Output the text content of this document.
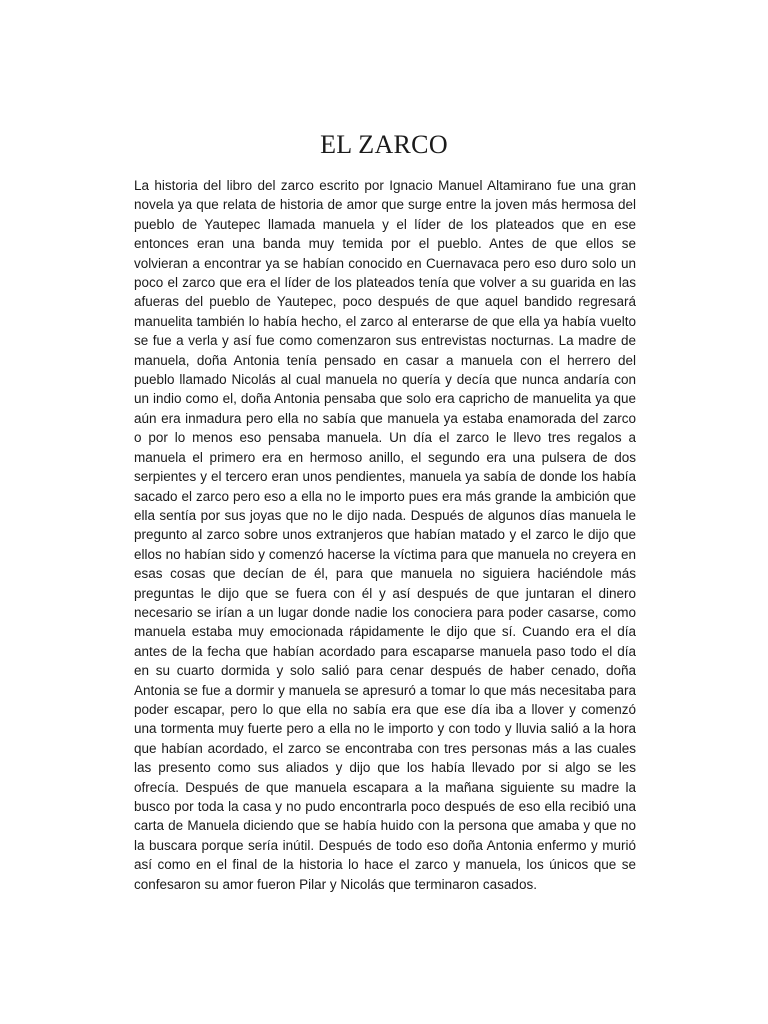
EL ZARCO

La historia del libro del zarco escrito por Ignacio Manuel Altamirano fue una gran novela ya que relata de historia de amor que surge entre la joven más hermosa del pueblo de Yautepec llamada manuela y el líder de los plateados que en ese entonces eran una banda muy temida por el pueblo. Antes de que ellos se volvieran a encontrar ya se habían conocido en Cuernavaca pero eso duro solo un poco el zarco que era el líder de los plateados tenía que volver a su guarida en las afueras del pueblo de Yautepec, poco después de que aquel bandido regresará manuelita también lo había hecho, el zarco al enterarse de que ella ya había vuelto se fue a verla y así fue como comenzaron sus entrevistas nocturnas. La madre de manuela, doña Antonia tenía pensado en casar a manuela con el herrero del pueblo llamado Nicolás al cual manuela no quería y decía que nunca andaría con un indio como el, doña Antonia pensaba que solo era capricho de manuelita ya que aún era inmadura pero ella no sabía que manuela ya estaba enamorada del zarco o por lo menos eso pensaba manuela. Un día el zarco le llevo tres regalos a manuela el primero era en hermoso anillo, el segundo era una pulsera de dos serpientes y el tercero eran unos pendientes, manuela ya sabía de donde los había sacado el zarco pero eso a ella no le importo pues era más grande la ambición que ella sentía por sus joyas que no le dijo nada. Después de algunos días manuela le pregunto al zarco sobre unos extranjeros que habían matado y el zarco le dijo que ellos no habían sido y comenzó hacerse la víctima para que manuela no creyera en esas cosas que decían de él, para que manuela no siguiera haciéndole más preguntas le dijo que se fuera con él y así después de que juntaran el dinero necesario se irían a un lugar donde nadie los conociera para poder casarse, como manuela estaba muy emocionada rápidamente le dijo que sí. Cuando era el día antes de la fecha que habían acordado para escaparse manuela paso todo el día en su cuarto dormida y solo salió para cenar después de haber cenado, doña Antonia se fue a dormir y manuela se apresuró a tomar lo que más necesitaba para poder escapar, pero lo que ella no sabía era que ese día iba a llover y comenzó una tormenta muy fuerte pero a ella no le importo y con todo y lluvia salió a la hora que habían acordado, el zarco se encontraba con tres personas más a las cuales las presento como sus aliados y dijo que los había llevado por si algo se les ofrecía. Después de que manuela escapara a la mañana siguiente su madre la busco por toda la casa y no pudo encontrarla poco después de eso ella recibió una carta de Manuela diciendo que se había huido con la persona que amaba y que no la buscara porque sería inútil. Después de todo eso doña Antonia enfermo y murió así como en el final de la historia lo hace el zarco y manuela, los únicos que se confesaron su amor fueron Pilar y Nicolás que terminaron casados.
